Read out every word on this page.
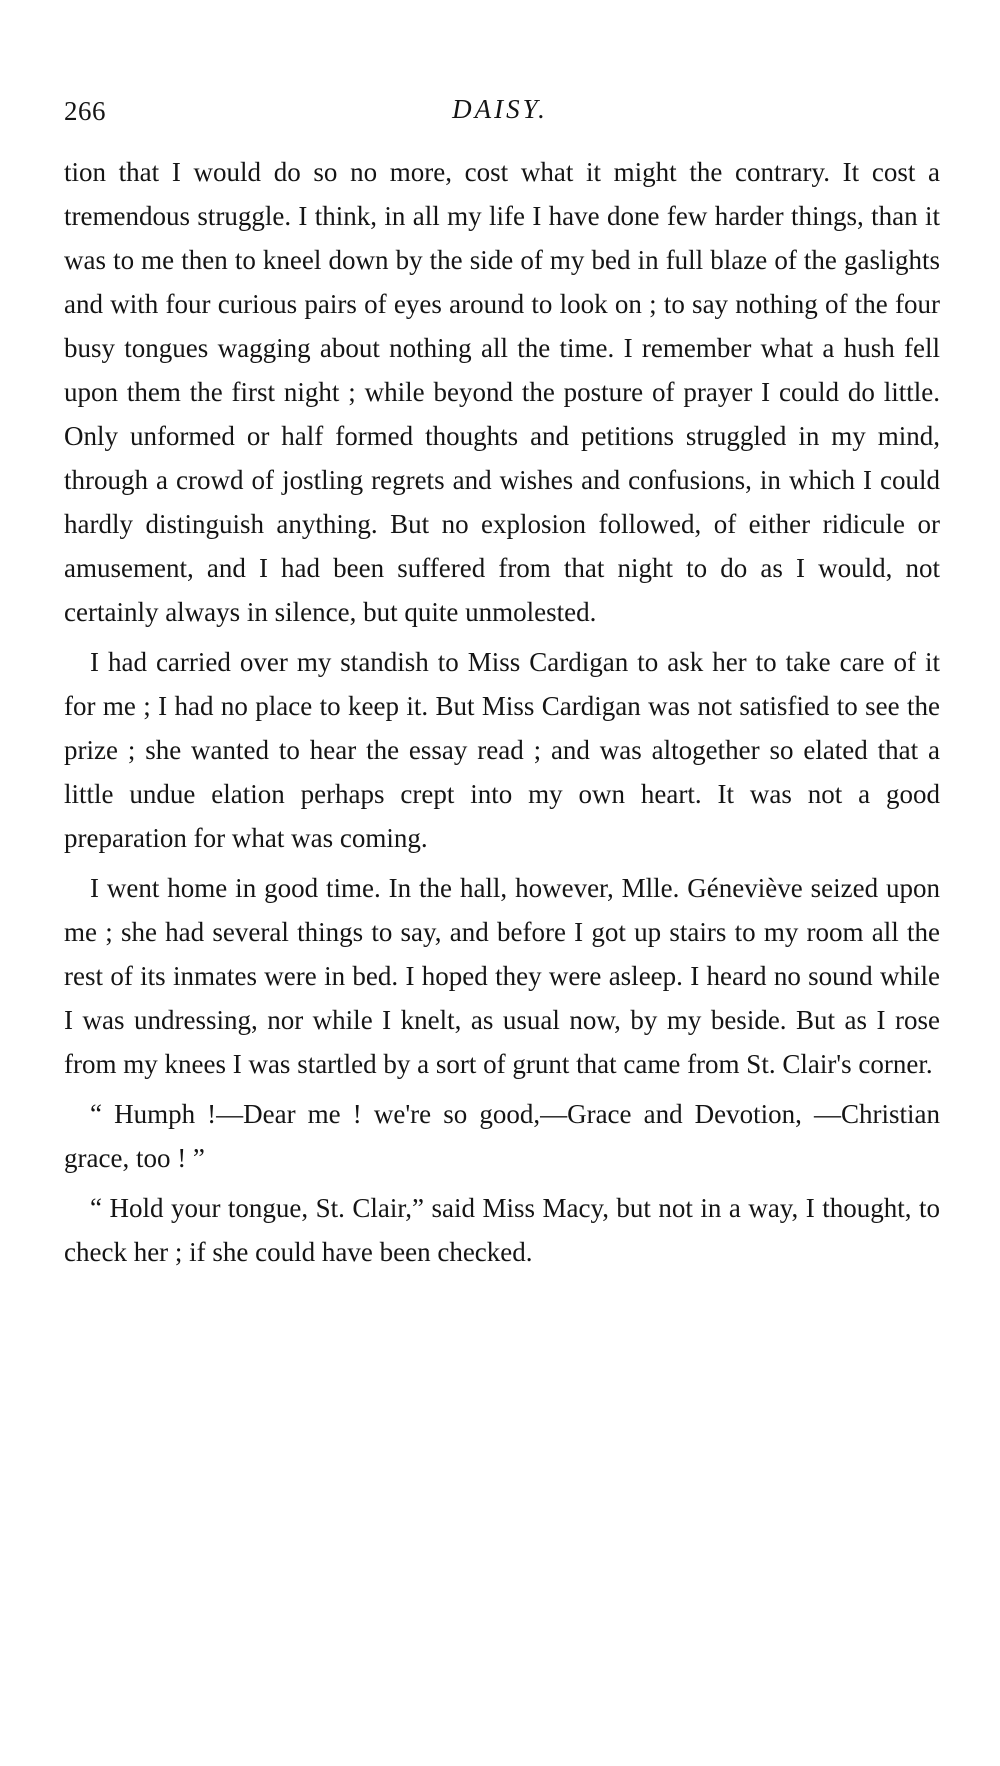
266	DAISY.

tion that I would do so no more, cost what it might the contrary. It cost a tremendous struggle. I think, in all my life I have done few harder things, than it was to me then to kneel down by the side of my bed in full blaze of the gaslights and with four curious pairs of eyes around to look on ; to say nothing of the four busy tongues wagging about nothing all the time. I remember what a hush fell upon them the first night ; while beyond the posture of prayer I could do little. Only unformed or half formed thoughts and petitions struggled in my mind, through a crowd of jostling regrets and wishes and confusions, in which I could hardly distinguish anything. But no explosion followed, of either ridicule or amusement, and I had been suffered from that night to do as I would, not certainly always in silence, but quite unmolested.

I had carried over my standish to Miss Cardigan to ask her to take care of it for me ; I had no place to keep it. But Miss Cardigan was not satisfied to see the prize ; she wanted to hear the essay read ; and was altogether so elated that a little undue elation perhaps crept into my own heart. It was not a good preparation for what was coming.

I went home in good time. In the hall, however, Mlle. Géneviève seized upon me ; she had several things to say, and before I got up stairs to my room all the rest of its inmates were in bed. I hoped they were asleep. I heard no sound while I was undressing, nor while I knelt, as usual now, by my beside. But as I rose from my knees I was startled by a sort of grunt that came from St. Clair's corner.

“ Humph !—Dear me ! we're so good,—Grace and Devotion, —Christian grace, too ! ”

“ Hold your tongue, St. Clair,” said Miss Macy, but not in a way, I thought, to check her ; if she could have been checked.
